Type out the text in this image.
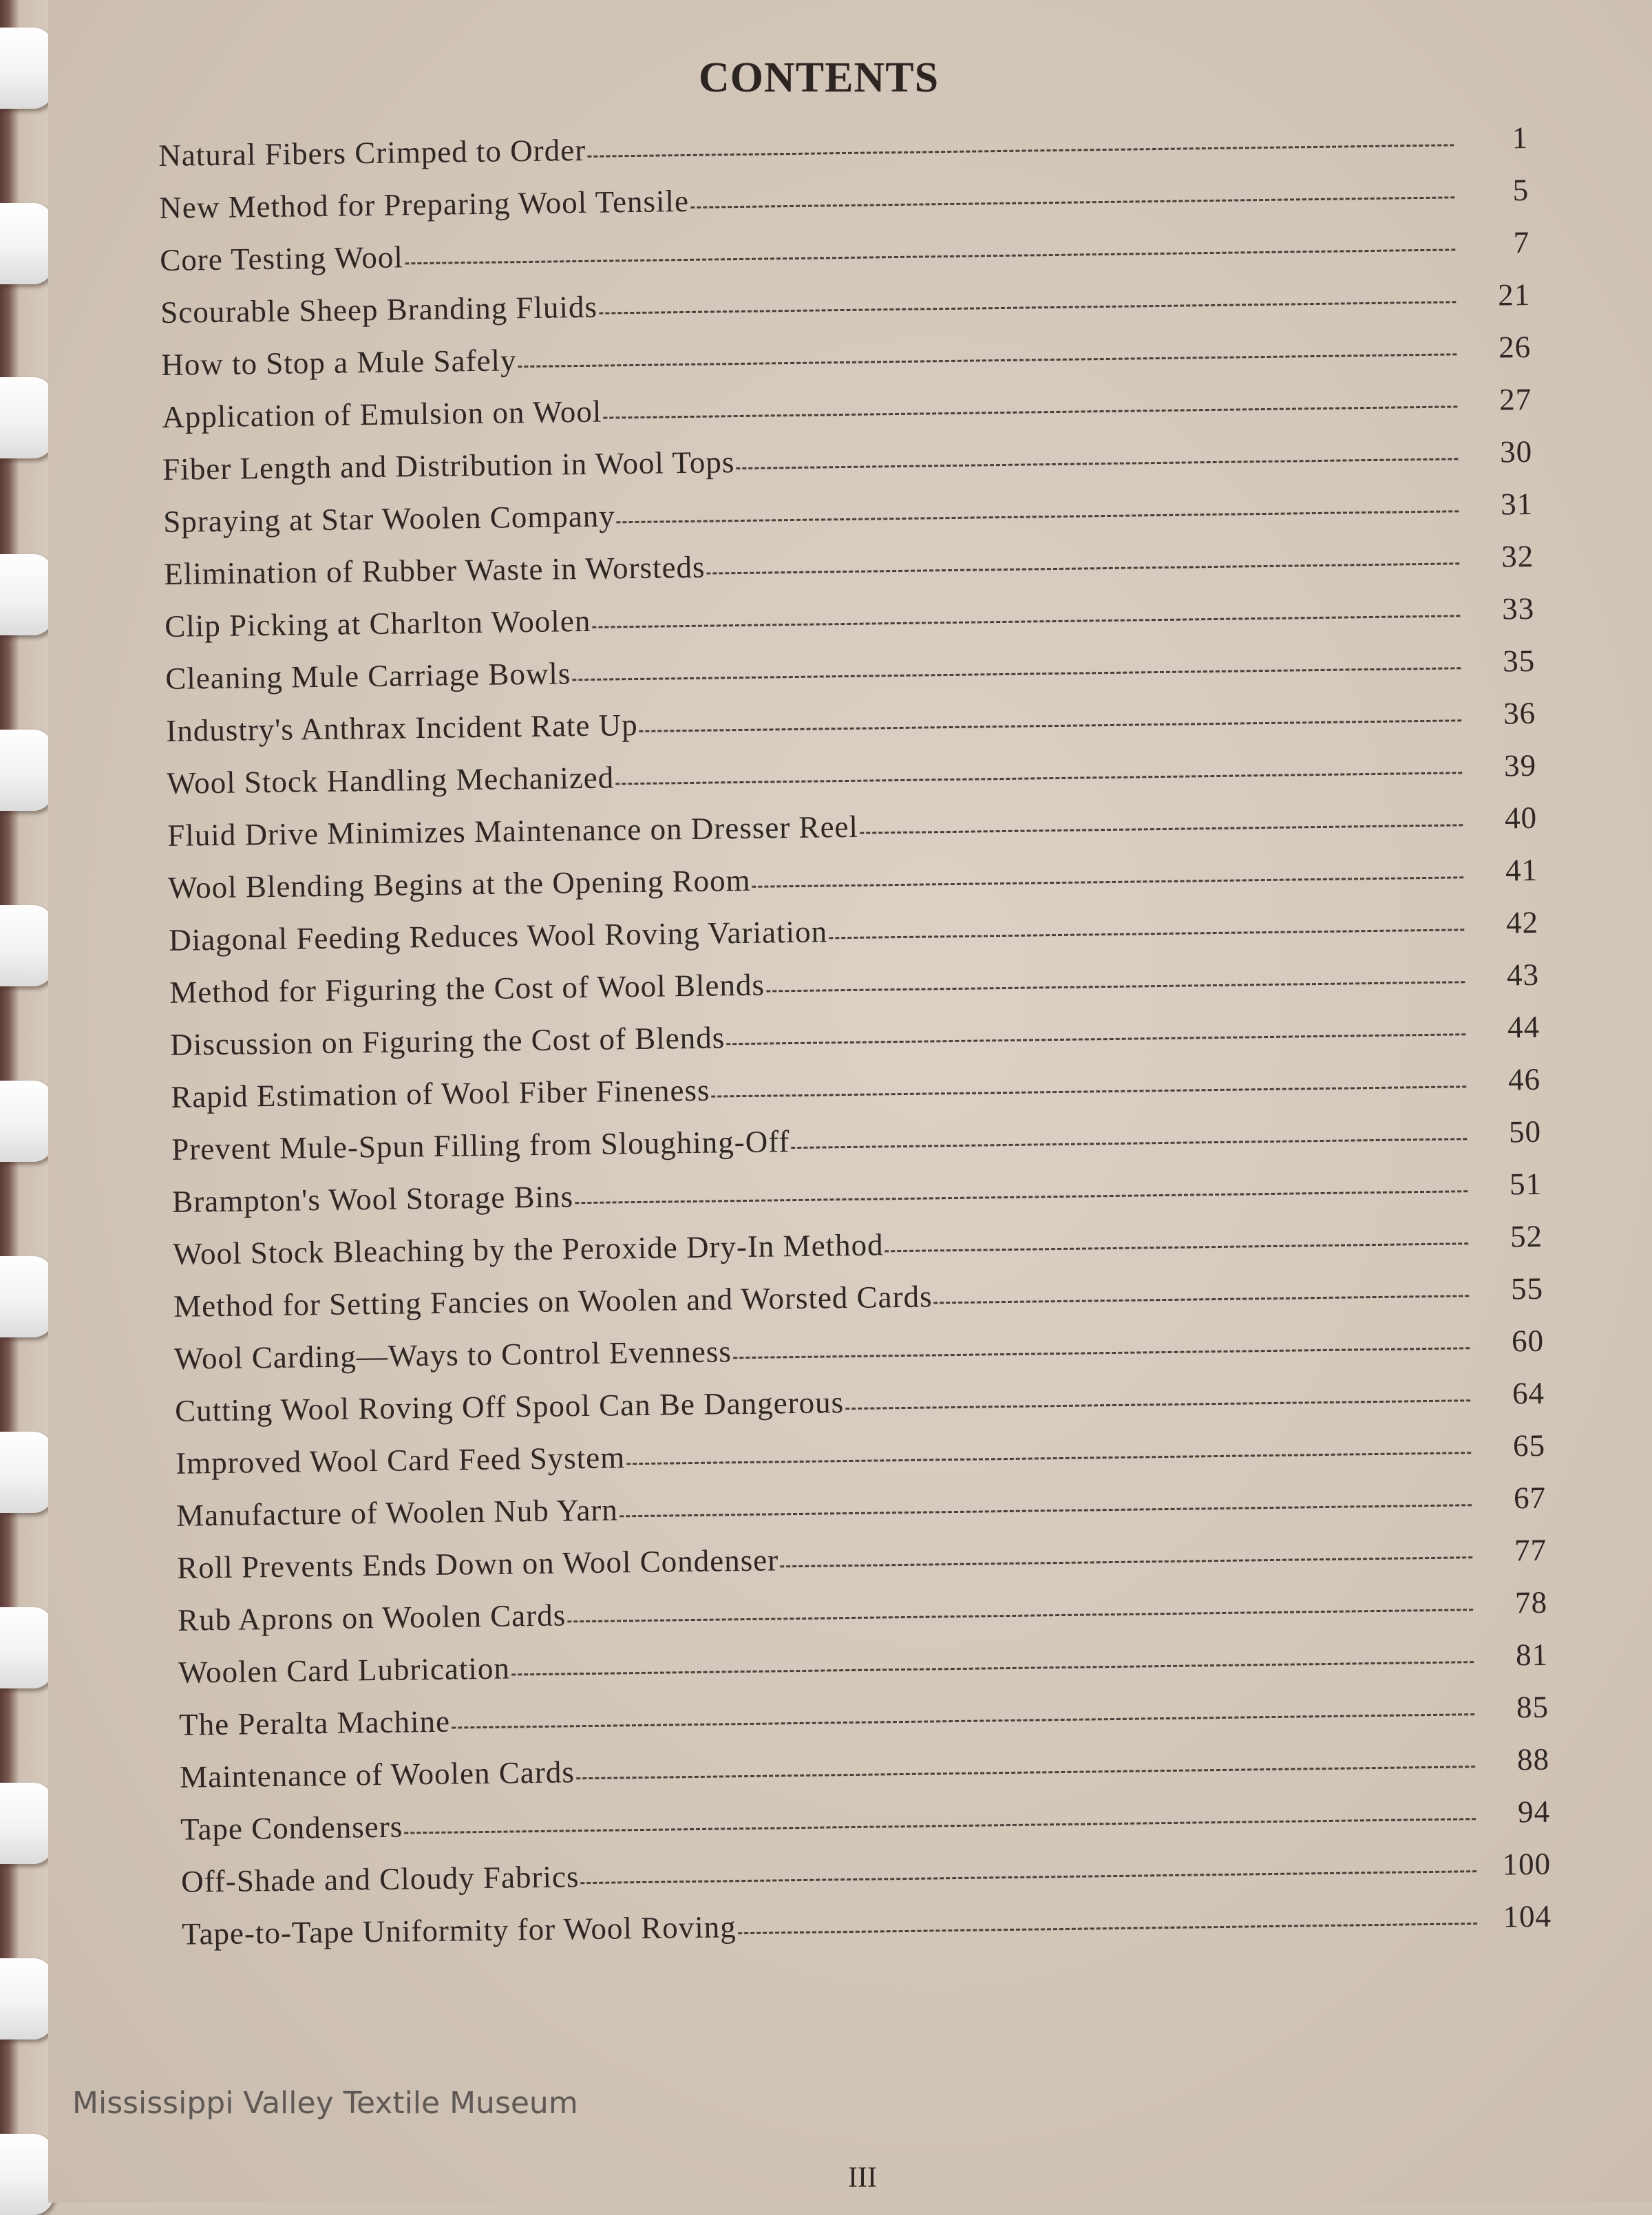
CONTENTS
Natural Fibers Crimped to Order	1
New Method for Preparing Wool Tensile	5
Core Testing Wool	7
Scourable Sheep Branding Fluids	21
How to Stop a Mule Safely	26
Application of Emulsion on Wool	27
Fiber Length and Distribution in Wool Tops	30
Spraying at Star Woolen Company	31
Elimination of Rubber Waste in Worsteds	32
Clip Picking at Charlton Woolen	33
Cleaning Mule Carriage Bowls	35
Industry's Anthrax Incident Rate Up	36
Wool Stock Handling Mechanized	39
Fluid Drive Minimizes Maintenance on Dresser Reel	40
Wool Blending Begins at the Opening Room	41
Diagonal Feeding Reduces Wool Roving Variation	42
Method for Figuring the Cost of Wool Blends	43
Discussion on Figuring the Cost of Blends	44
Rapid Estimation of Wool Fiber Fineness	46
Prevent Mule-Spun Filling from Sloughing-Off	50
Brampton's Wool Storage Bins	51
Wool Stock Bleaching by the Peroxide Dry-In Method	52
Method for Setting Fancies on Woolen and Worsted Cards	55
Wool Carding—Ways to Control Evenness	60
Cutting Wool Roving Off Spool Can Be Dangerous	64
Improved Wool Card Feed System	65
Manufacture of Woolen Nub Yarn	67
Roll Prevents Ends Down on Wool Condenser	77
Rub Aprons on Woolen Cards	78
Woolen Card Lubrication	81
The Peralta Machine	85
Maintenance of Woolen Cards	88
Tape Condensers	94
Off-Shade and Cloudy Fabrics	100
Tape-to-Tape Uniformity for Wool Roving	104
Mississippi Valley Textile Museum
III
